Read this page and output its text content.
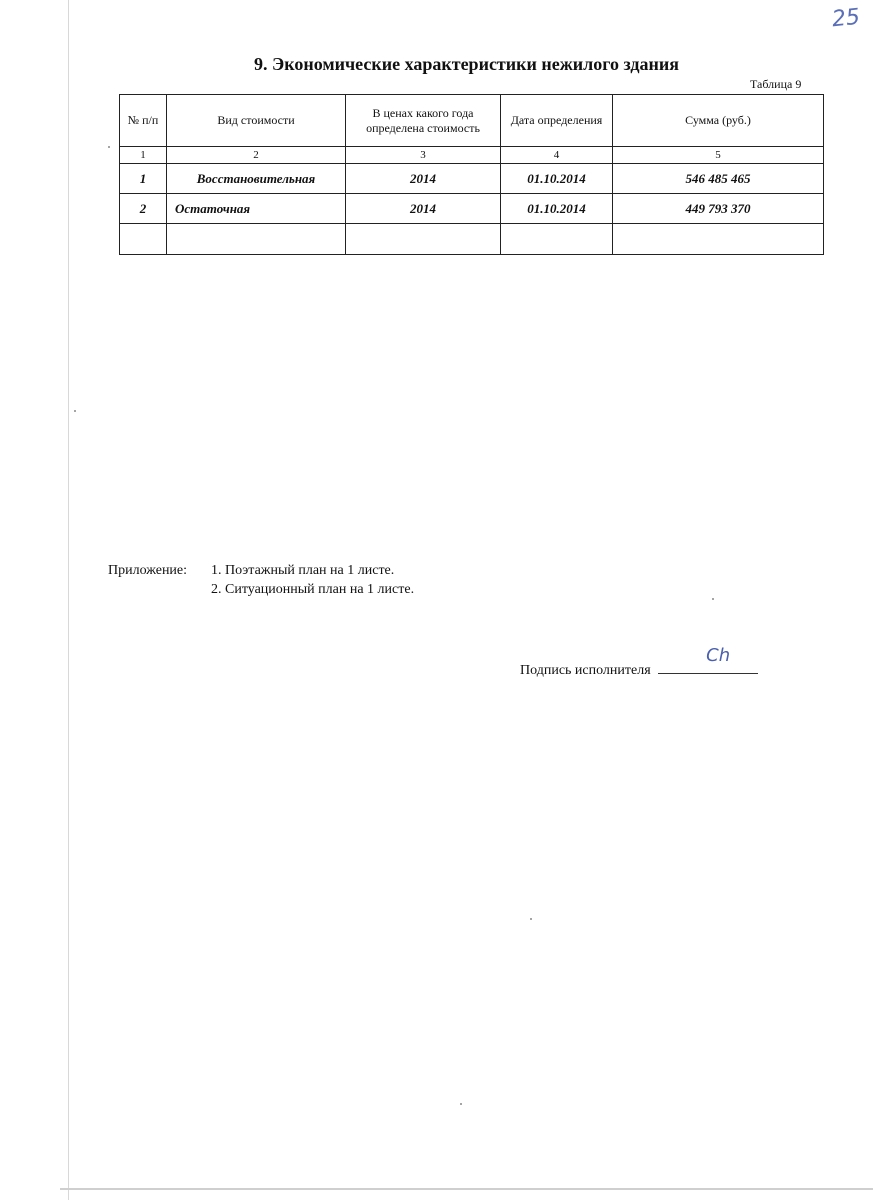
25
9. Экономические характеристики нежилого здания
Таблица 9
№ п/п	Вид стоимости	В ценах какого года определена стоимость	Дата определения	Сумма (руб.)
1	2	3	4	5
1	Восстановительная	2014	01.10.2014	546 485 465
2	Остаточная	2014	01.10.2014	449 793 370

Приложение:	1. Поэтажный план на 1 листе.
2. Ситуационный план на 1 листе.
Подпись исполнителя
Сh
